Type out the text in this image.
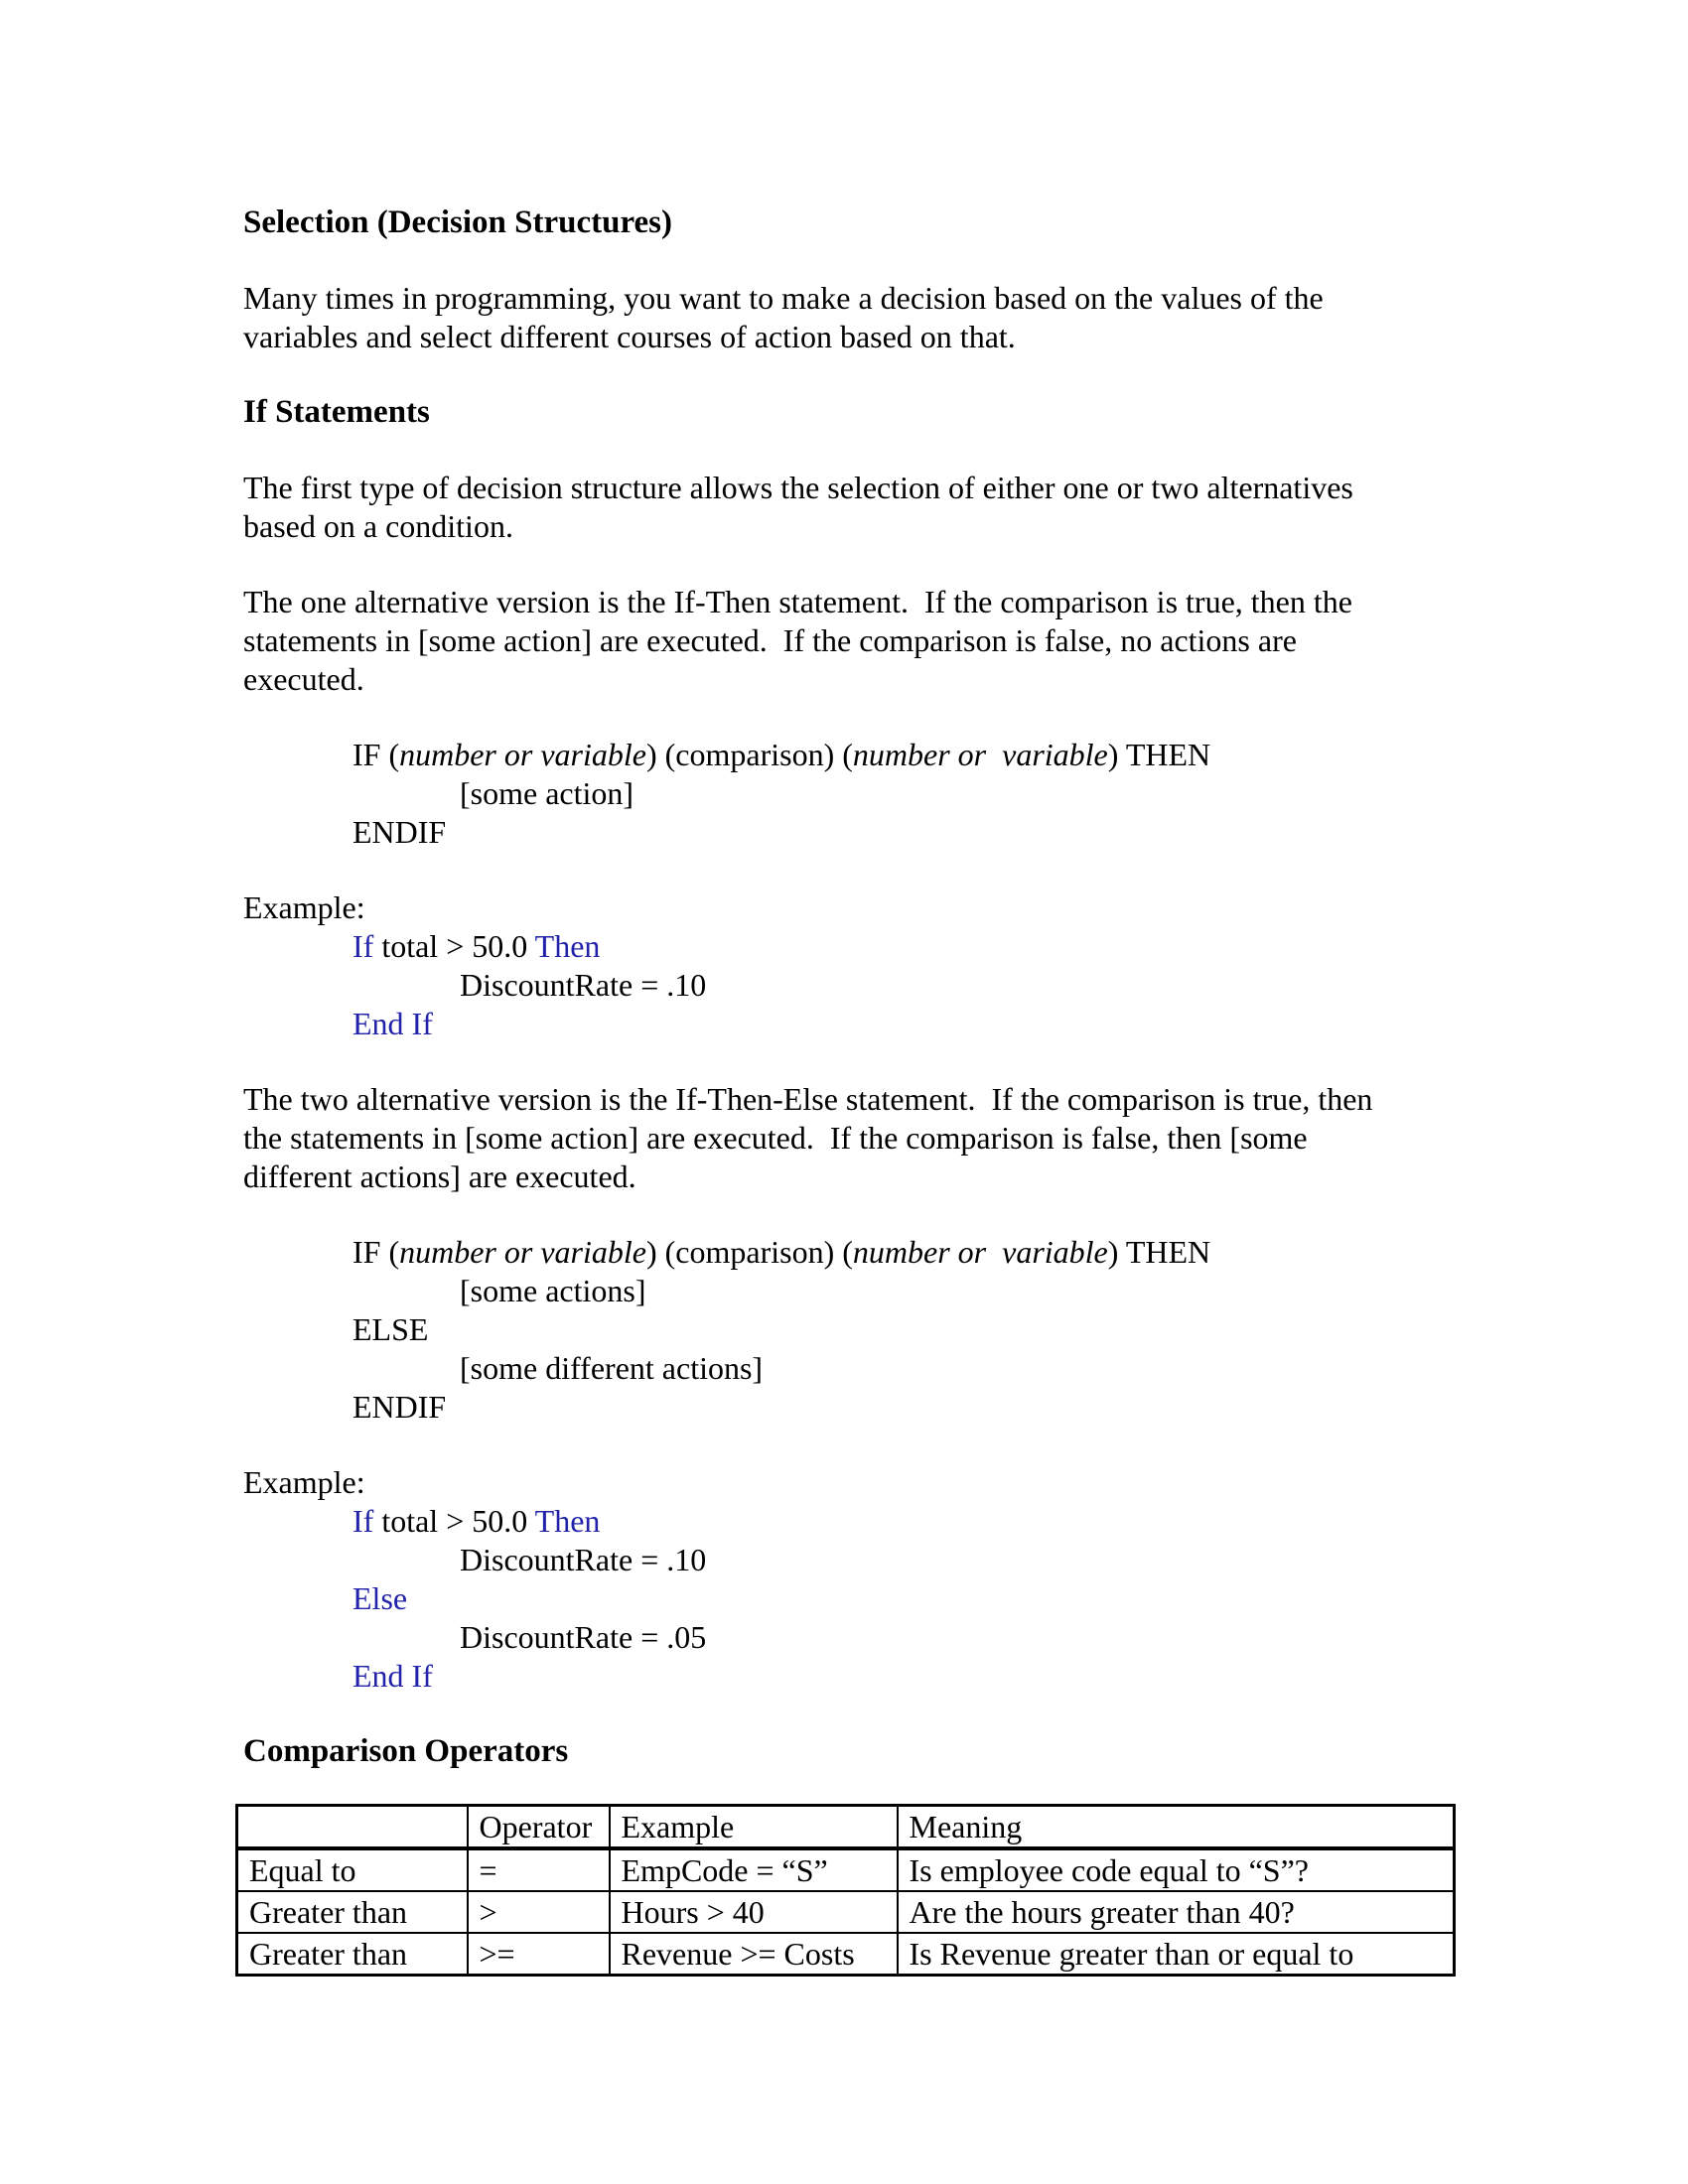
Selection (Decision Structures)
Many times in programming, you want to make a decision based on the values of the
variables and select different courses of action based on that.
If Statements
The first type of decision structure allows the selection of either one or two alternatives
based on a condition.
The one alternative version is the If-Then statement.  If the comparison is true, then the
statements in [some action] are executed.  If the comparison is false, no actions are
executed.
IF (number or variable) (comparison) (number or  variable) THEN
[some action]
ENDIF
Example:
If total > 50.0 Then
DiscountRate = .10
End If
The two alternative version is the If-Then-Else statement.  If the comparison is true, then
the statements in [some action] are executed.  If the comparison is false, then [some
different actions] are executed.
IF (number or variable) (comparison) (number or  variable) THEN
[some actions]
ELSE
[some different actions]
ENDIF
Example:
If total > 50.0 Then
DiscountRate = .10
Else
DiscountRate = .05
End If
Comparison Operators
	Operator	Example	Meaning
Equal to	=	EmpCode = “S”	Is employee code equal to “S”?
Greater than	>	Hours > 40	Are the hours greater than 40?
Greater than	>=	Revenue >= Costs	Is Revenue greater than or equal to
